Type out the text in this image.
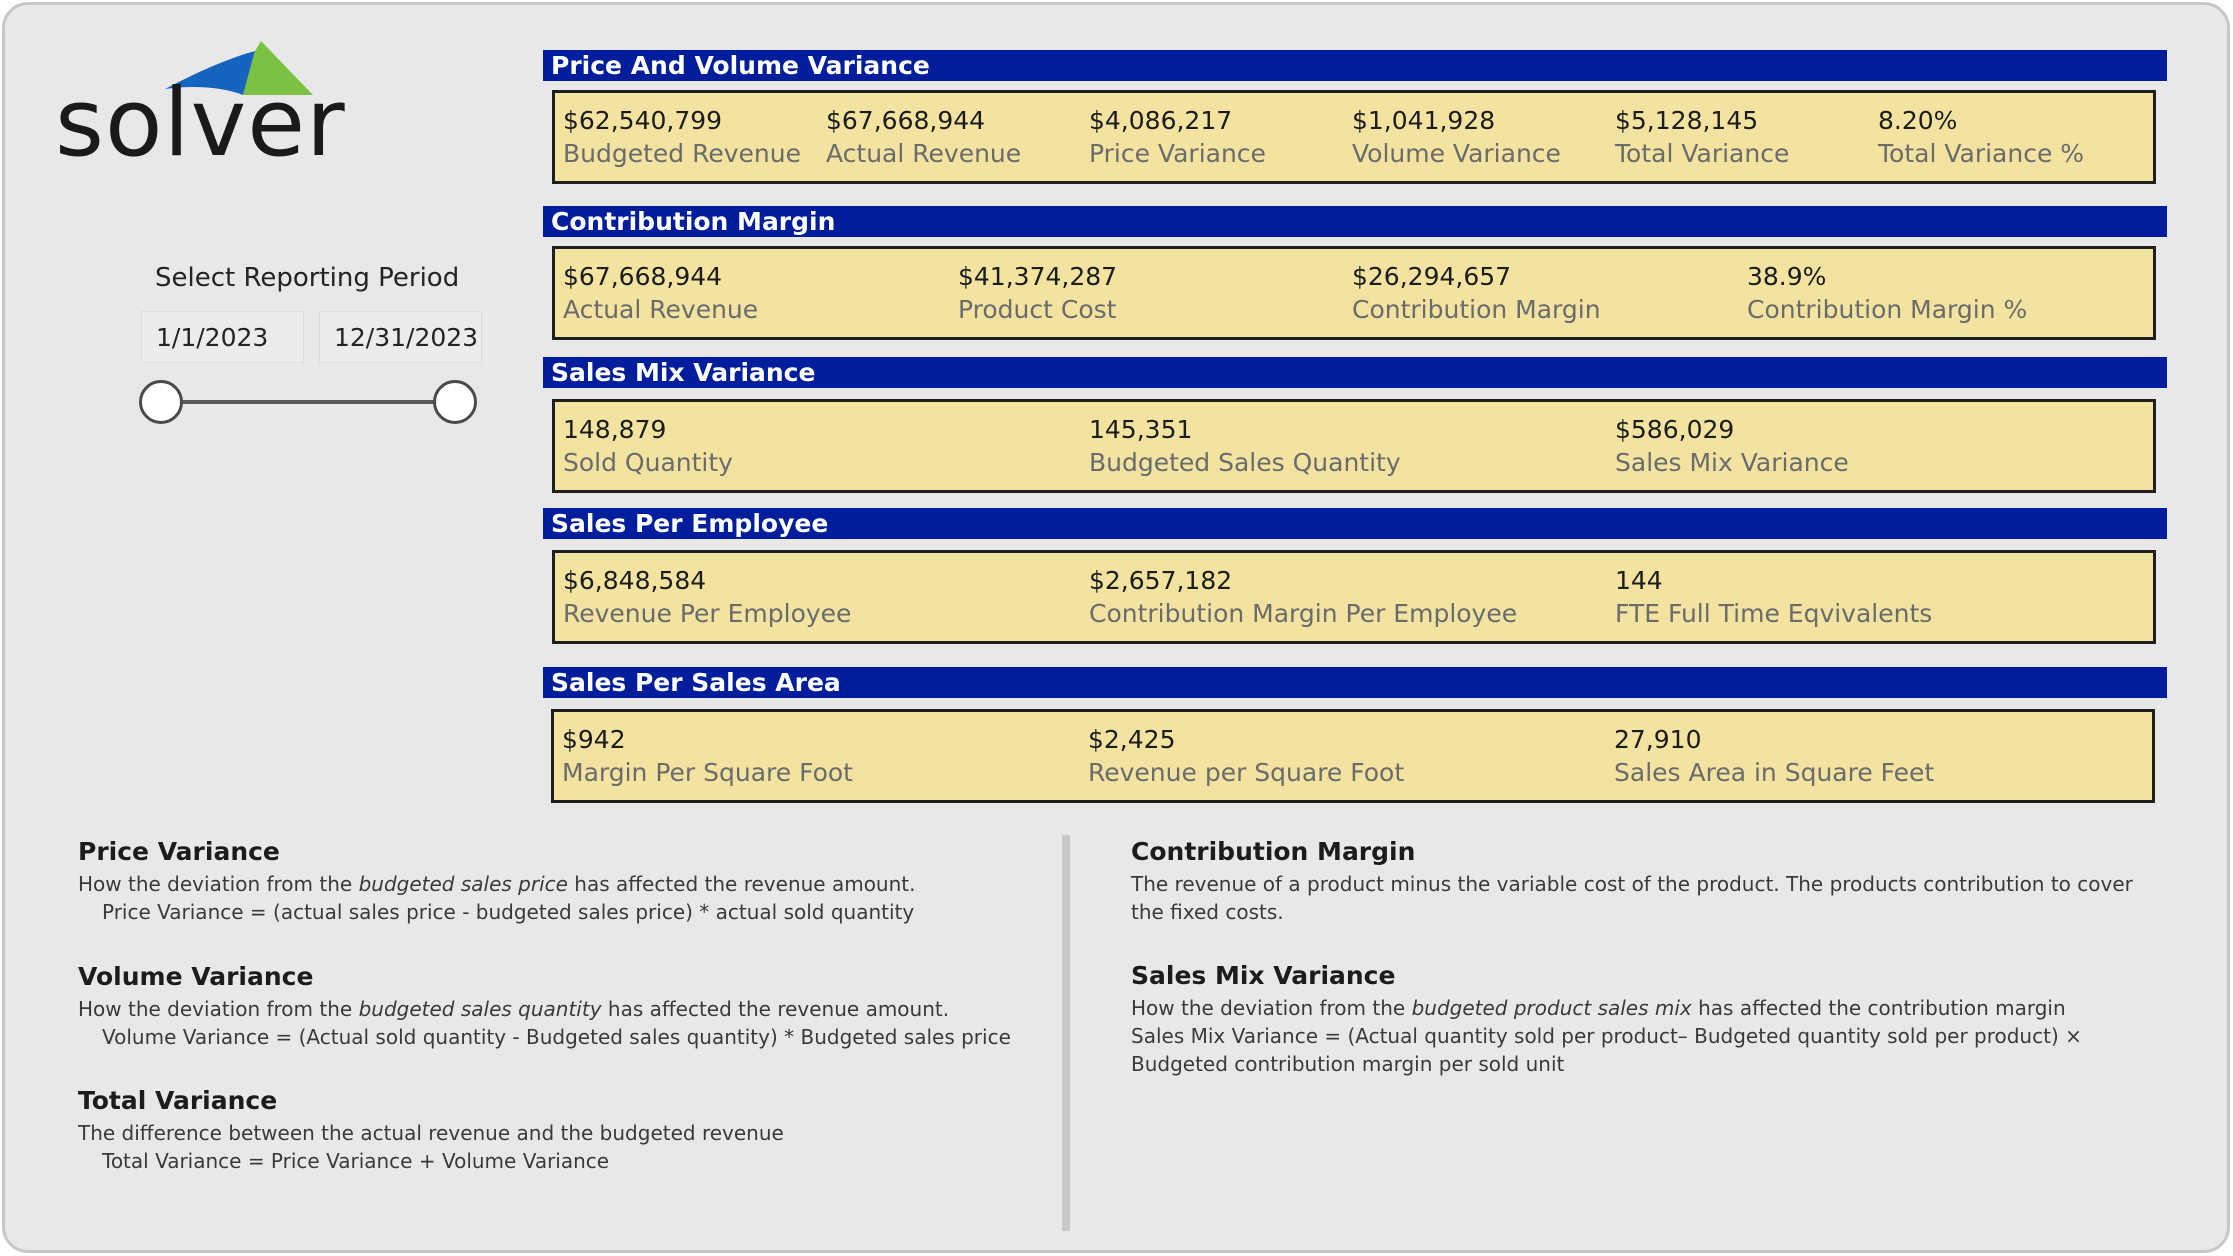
solver
Select Reporting Period
1/1/2023	12/31/2023
Price And Volume Variance
$62,540,799
Budgeted Revenue
$67,668,944
Actual Revenue
$4,086,217
Price Variance
$1,041,928
Volume Variance
$5,128,145
Total Variance
8.20%
Total Variance %
Contribution Margin
$67,668,944
Actual Revenue
$41,374,287
Product Cost
$26,294,657
Contribution Margin
38.9%
Contribution Margin %
Sales Mix Variance
148,879
Sold Quantity
145,351
Budgeted Sales Quantity
$586,029
Sales Mix Variance
Sales Per Employee
$6,848,584
Revenue Per Employee
$2,657,182
Contribution Margin Per Employee
144
FTE Full Time Eqvivalents
Sales Per Sales Area
$942
Margin Per Square Foot
$2,425
Revenue per Square Foot
27,910
Sales Area in Square Feet
Price Variance
How the deviation from the budgeted sales price has affected the revenue amount.
Price Variance = (actual sales price - budgeted sales price) * actual sold quantity
Volume Variance
How the deviation from the budgeted sales quantity has affected the revenue amount.
Volume Variance = (Actual sold quantity - Budgeted sales quantity) * Budgeted sales price
Total Variance
The difference between the actual revenue and the budgeted revenue
Total Variance = Price Variance + Volume Variance
Contribution Margin
The revenue of a product minus the variable cost of the product. The products contribution to cover
the fixed costs.
Sales Mix Variance
How the deviation from the budgeted product sales mix has affected the contribution margin
Sales Mix Variance = (Actual quantity sold per product– Budgeted quantity sold per product) ×
Budgeted contribution margin per sold unit
